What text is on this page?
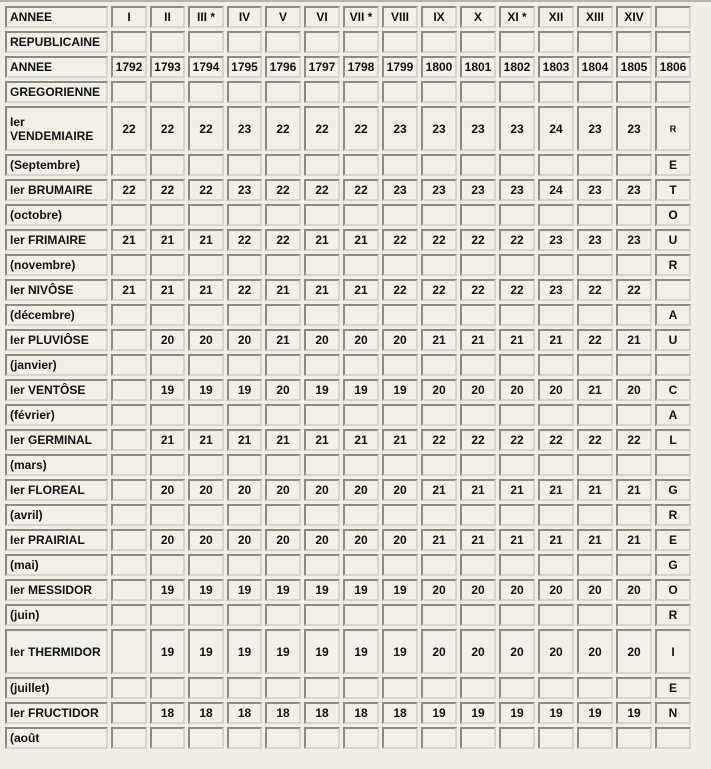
ANNEE	I	II	III *	IV	V	VI	VII *	VIII	IX	X	XI *	XII	XIII	XIV	
REPUBLICAINE															
ANNEE	1792	1793	1794	1795	1796	1797	1798	1799	1800	1801	1802	1803	1804	1805	1806
GREGORIENNE															
Ier VENDEMIAIRE	22	22	22	23	22	22	22	23	23	23	23	24	23	23	R
(Septembre)															E
Ier BRUMAIRE	22	22	22	23	22	22	22	23	23	23	23	24	23	23	T
(octobre)															O
Ier FRIMAIRE	21	21	21	22	22	21	21	22	22	22	22	23	23	23	U
(novembre)															R
Ier NIVÔSE	21	21	21	22	21	21	21	22	22	22	22	23	22	22	
(décembre)															A
Ier PLUVIÔSE		20	20	20	21	20	20	20	21	21	21	21	22	21	U
(janvier)															
Ier VENTÔSE		19	19	19	20	19	19	19	20	20	20	20	21	20	C
(février)															A
Ier GERMINAL		21	21	21	21	21	21	21	22	22	22	22	22	22	L
(mars)															
Ier FLOREAL		20	20	20	20	20	20	20	21	21	21	21	21	21	G
(avril)															R
Ier PRAIRIAL		20	20	20	20	20	20	20	21	21	21	21	21	21	E
(mai)															G
Ier MESSIDOR		19	19	19	19	19	19	19	20	20	20	20	20	20	O
(juin)															R
Ier THERMIDOR		19	19	19	19	19	19	19	20	20	20	20	20	20	I
(juillet)															E
Ier FRUCTIDOR		18	18	18	18	18	18	18	19	19	19	19	19	19	N
(août															
